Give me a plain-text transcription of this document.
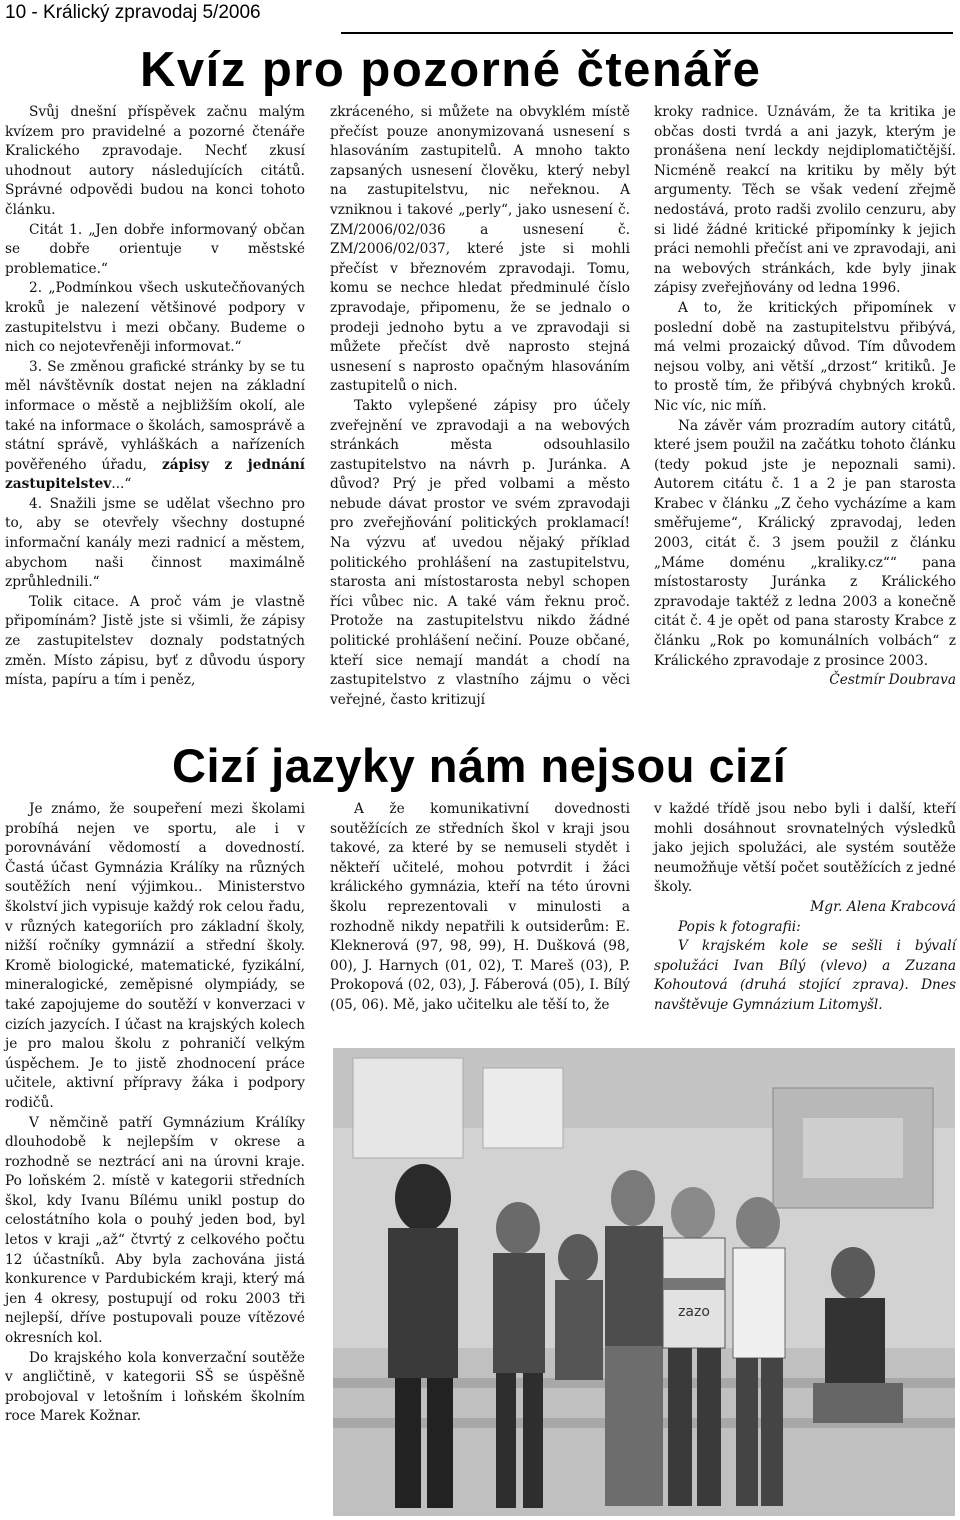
10 - Králický zpravodaj 5/2006
Kvíz pro pozorné čtenáře

Svůj dnešní příspěvek začnu malým kvízem pro pravidelné a pozorné čtenáře Kralického zpravodaje. Nechť zkusí uhodnout autory následujících citátů. Správné odpovědi budou na konci tohoto článku.

Citát 1. „Jen dobře informovaný občan se dobře orientuje v městské problematice.“

2. „Podmínkou všech uskutečňovaných kroků je nalezení většinové podpory v zastupitelstvu i mezi občany. Budeme o nich co nejotevřeněji informovat.“

3. Se změnou grafické stránky by se tu měl návštěvník dostat nejen na základní informace o městě a nejbližším okolí, ale také na informace o školách, samosprávě a státní správě, vyhláškách a nařízeních pověřeného úřadu, zápisy z jednání zastupitelstev...“

4. Snažili jsme se udělat všechno pro to, aby se otevřely všechny dostupné informační kanály mezi radnicí a městem, abychom naši činnost maximálně zprůhlednili.“

Tolik citace. A proč vám je vlastně připomínám? Jistě jste si všimli, že zápisy ze zastupitelstev doznaly podstatných změn. Místo zápisu, byť z důvodu úspory místa, papíru a tím i peněz,

zkráceného, si můžete na obvyklém místě přečíst pouze anonymizovaná usnesení s hlasováním zastupitelů. A mnoho takto zapsaných usnesení člověku, který nebyl na zastupitelstvu, nic neřeknou. A vzniknou i takové „perly“, jako usnesení č. ZM/2006/02/036 a usnesení č. ZM/2006/02/037, které jste si mohli přečíst v březnovém zpravodaji. Tomu, komu se nechce hledat předminulé číslo zpravodaje, připomenu, že se jednalo o prodeji jednoho bytu a ve zpravodaji si můžete přečíst dvě naprosto stejná usnesení s naprosto opačným hlasováním zastupitelů o nich.

Takto vylepšené zápisy pro účely zveřejnění ve zpravodaji a na webových stránkách města odsouhlasilo zastupitelstvo na návrh p. Juránka. A důvod? Prý je před volbami a město nebude dávat prostor ve svém zpravodaji pro zveřejňování politických proklamací! Na výzvu ať uvedou nějaký příklad politického prohlášení na zastupitelstvu, starosta ani místostarosta nebyl schopen říci vůbec nic. A také vám řeknu proč. Protože na zastupitelstvu nikdo žádné politické prohlášení nečiní. Pouze občané, kteří sice nemají mandát a chodí na zastupitelstvo z vlastního zájmu o věci veřejné, často kritizují

kroky radnice. Uznávám, že ta kritika je občas dosti tvrdá a ani jazyk, kterým je pronášena není leckdy nejdiplomatičtější. Nicméně reakcí na kritiku by měly být argumenty. Těch se však vedení zřejmě nedostává, proto radši zvolilo cenzuru, aby si lidé žádné kritické připomínky k jejich práci nemohli přečíst ani ve zpravodaji, ani na webových stránkách, kde byly jinak zápisy zveřejňovány od ledna 1996.

A to, že kritických připomínek v poslední době na zastupitelstvu přibývá, má velmi prozaický důvod. Tím důvodem nejsou volby, ani větší „drzost“ kritiků. Je to prostě tím, že přibývá chybných kroků. Nic víc, nic míň.

Na závěr vám prozradím autory citátů, které jsem použil na začátku tohoto článku (tedy pokud jste je nepoznali sami). Autorem citátu č. 1 a 2 je pan starosta Krabec v článku „Z čeho vycházíme a kam směřujeme“, Králický zpravodaj, leden 2003, citát č. 3 jsem použil z článku „Máme doménu „kraliky.cz““ pana místostarosty Juránka z Králického zpravodaje taktéž z ledna 2003 a konečně citát č. 4 je opět od pana starosty Krabce z článku „Rok po komunálních volbách“ z Králického zpravodaje z prosince 2003.

Čestmír Doubrava

Cizí jazyky nám nejsou cizí

Je známo, že soupeření mezi školami probíhá nejen ve sportu, ale i v porovnávání vědomostí a dovedností. Častá účast Gymnázia Králíky na různých soutěžích není výjimkou.. Ministerstvo školství jich vypisuje každý rok celou řadu, v různých kategoriích pro základní školy, nižší ročníky gymnázií a střední školy. Kromě biologické, matematické, fyzikální, mineralogické, zeměpisné olympiády, se také zapojujeme do soutěží v konverzaci v cizích jazycích. I účast na krajských kolech je pro malou školu z pohraničí velkým úspěchem. Je to jistě zhodnocení práce učitele, aktivní přípravy žáka i podpory rodičů.

V němčině patří Gymnázium Králíky dlouhodobě k nejlepším v okrese a rozhodně se neztrácí ani na úrovni kraje. Po loňském 2. místě v kategorii středních škol, kdy Ivanu Bílému unikl postup do celostátního kola o pouhý jeden bod, byl letos v kraji „až“ čtvrtý z celkového počtu 12 účastníků. Aby byla zachována jistá konkurence v Pardubickém kraji, který má jen 4 okresy, postupují od roku 2003 tři nejlepší, dříve postupovali pouze vítězové okresních kol.

Do krajského kola konverzační soutěže v angličtině, v kategorii SŠ se úspěšně probojoval v letošním i loňském školním roce Marek Kožnar.

A že komunikativní dovednosti soutěžících ze středních škol v kraji jsou takové, za které by se nemuseli stydět i někteří učitelé, mohou potvrdit i žáci králického gymnázia, kteří na této úrovni školu reprezentovali v minulosti a rozhodně nikdy nepatřili k outsiderům: E. Kleknerová (97, 98, 99), H. Dušková (98, 00), J. Harnych (01, 02), T. Mareš (03), P. Prokopová (02, 03), J. Fáberová (05), I. Bílý (05, 06). Mě, jako učitelku ale těší to, že

v každé třídě jsou nebo byli i další, kteří mohli dosáhnout srovnatelných výsledků jako jejich spolužáci, ale systém soutěže neumožňuje větší počet soutěžících z jedné školy.

Mgr. Alena Krabcová

Popis k fotografii:

V krajském kole se sešli i bývalí spolužáci Ivan Bílý (vlevo) a Zuzana Kohoutová (druhá stojící zprava). Dnes navštěvuje Gymnázium Litomyšl.

zazo
